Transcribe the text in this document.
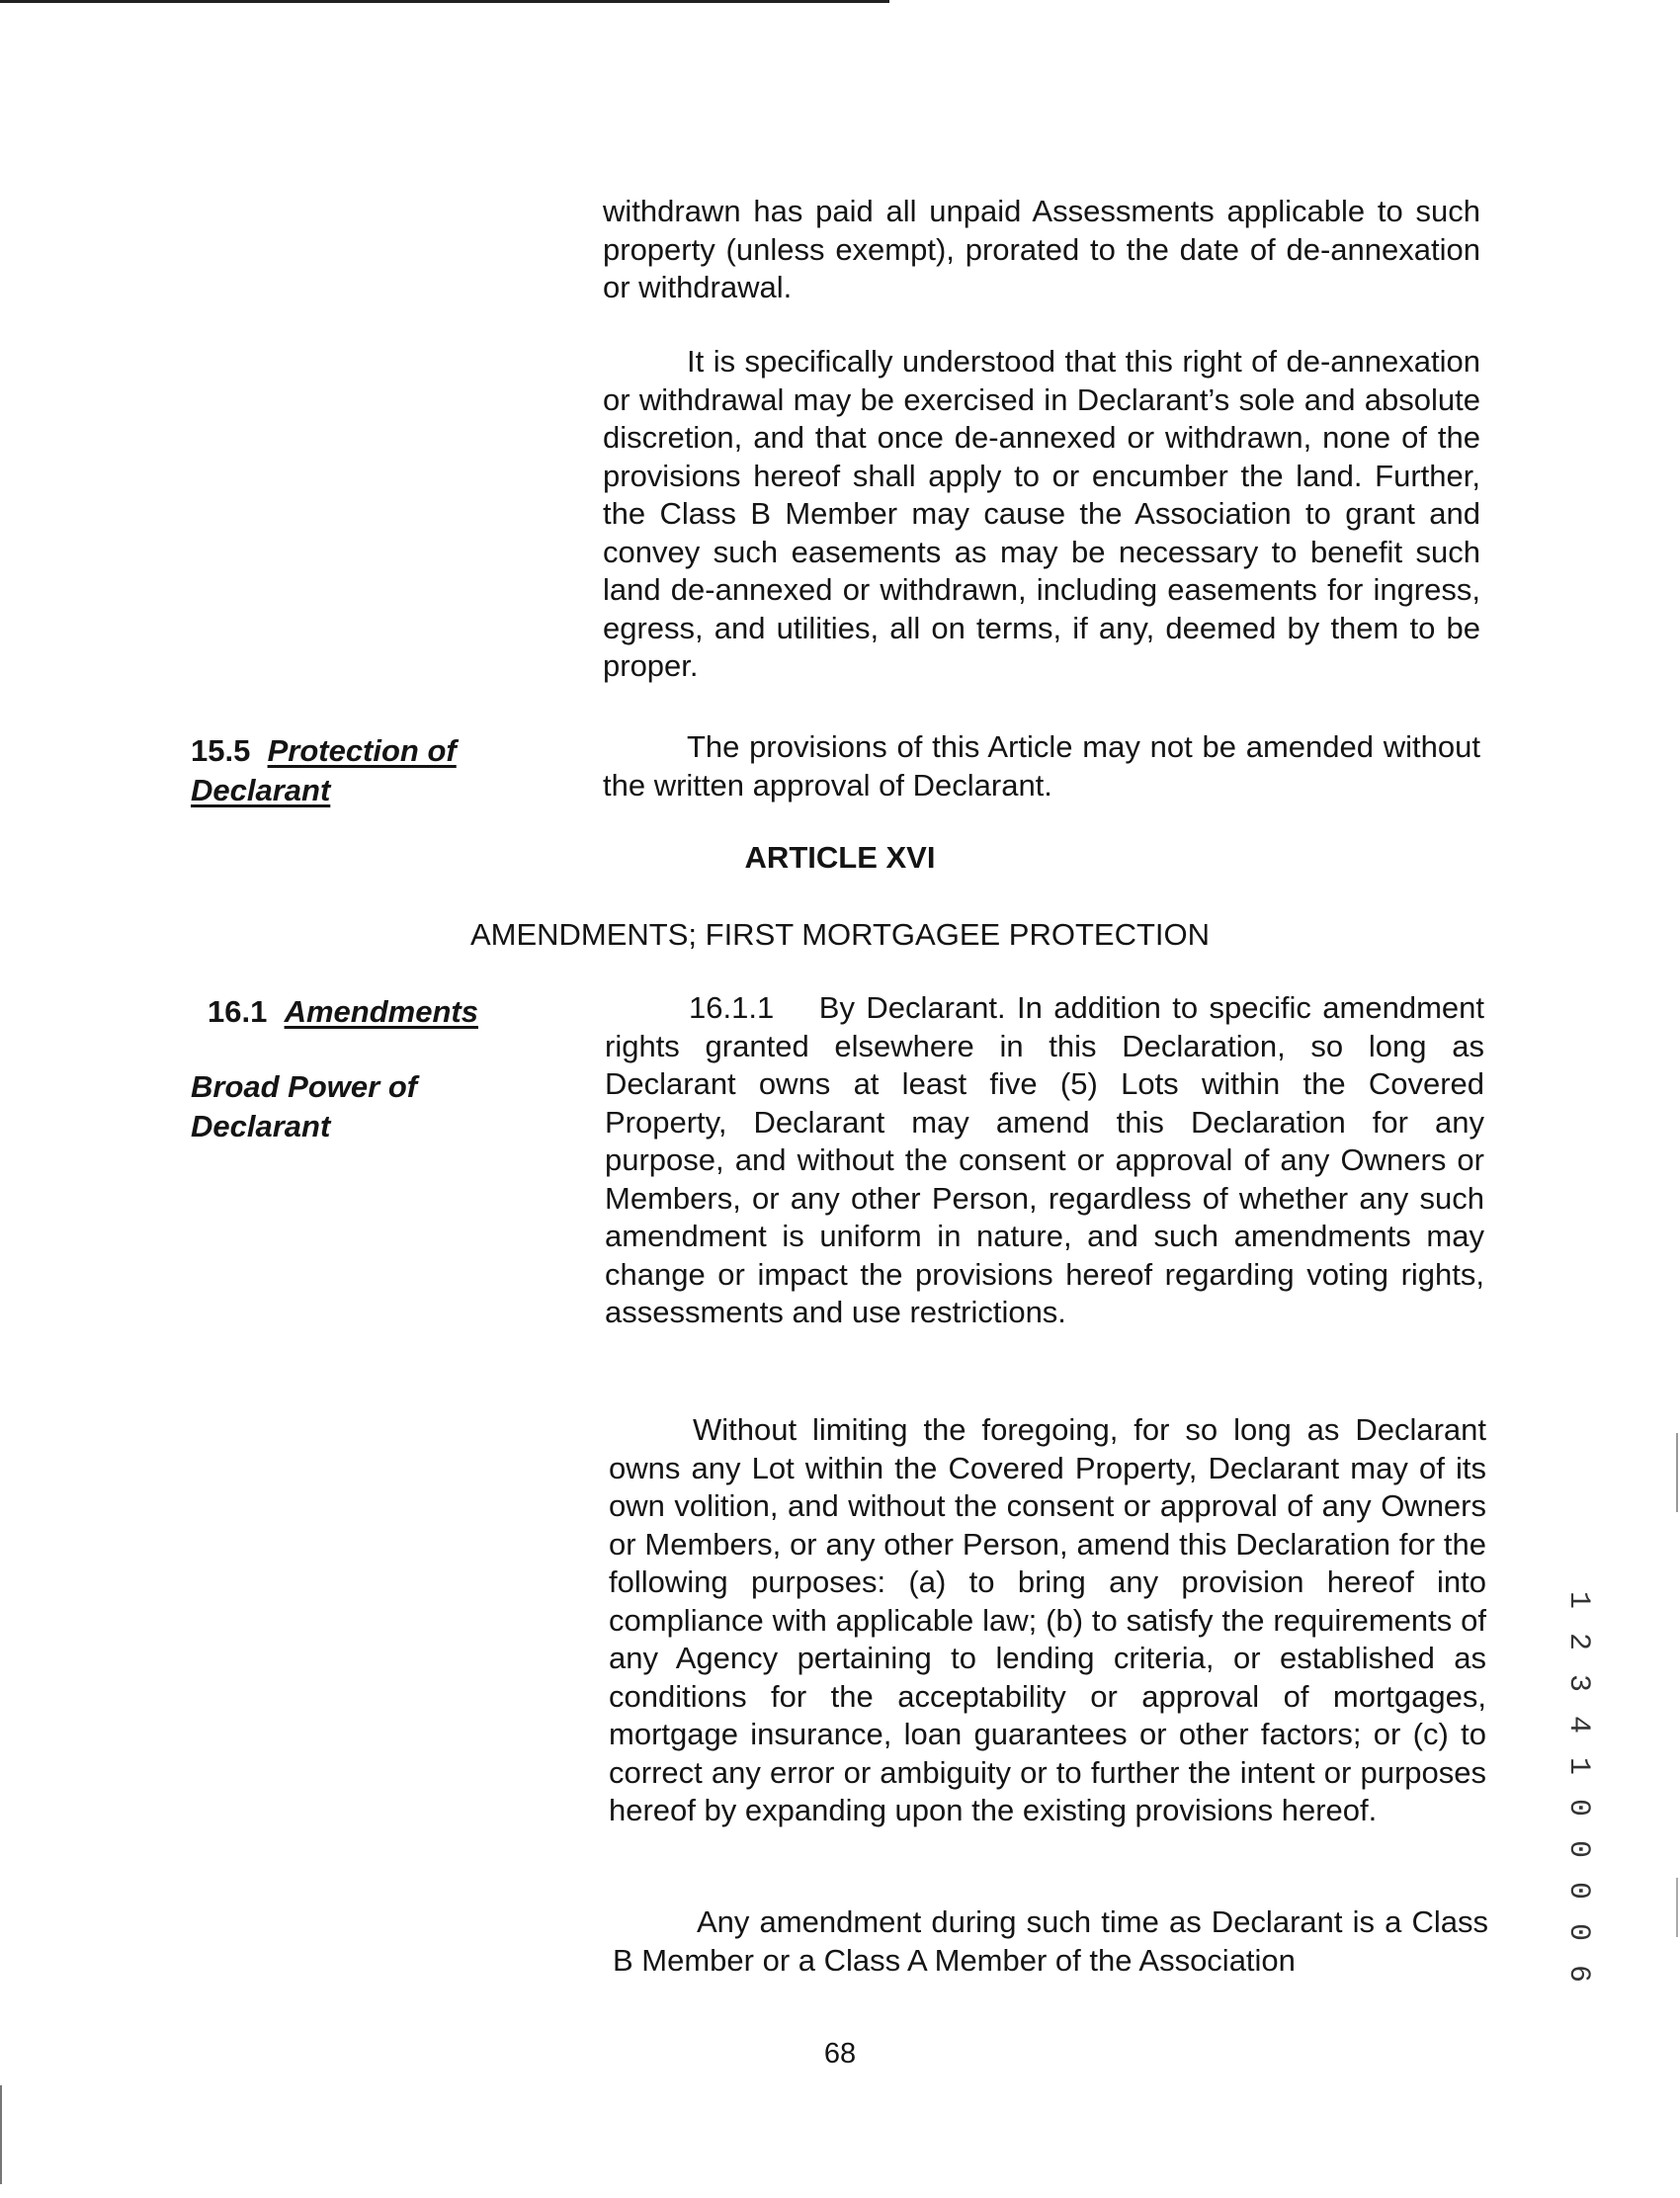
withdrawn has paid all unpaid Assessments applicable to such property (unless exempt), prorated to the date of de-annexation or withdrawal.

It is specifically understood that this right of de-annexation or withdrawal may be exercised in Declarant’s sole and absolute discretion, and that once de-annexed or withdrawn, none of the provisions hereof shall apply to or encumber the land. Further, the Class B Member may cause the Association to grant and convey such easements as may be necessary to benefit such land de-annexed or withdrawn, including easements for ingress, egress, and utilities, all on terms, if any, deemed by them to be proper.

15.5 Protection of
Declarant

The provisions of this Article may not be amended without the written approval of Declarant.

ARTICLE XVI

AMENDMENTS; FIRST MORTGAGEE PROTECTION

16.1 Amendments
Broad Power of
Declarant

16.1.1    By Declarant. In addition to specific amendment rights granted elsewhere in this Declaration, so long as Declarant owns at least five (5) Lots within the Covered Property, Declarant may amend this Declaration for any purpose, and without the consent or approval of any Owners or Members, or any other Person, regardless of whether any such amendment is uniform in nature, and such amendments may change or impact the provisions hereof regarding voting rights, assessments and use restrictions.

Without limiting the foregoing, for so long as Declarant owns any Lot within the Covered Property, Declarant may of its own volition, and without the consent or approval of any Owners or Members, or any other Person, amend this Declaration for the following purposes: (a) to bring any provision hereof into compliance with applicable law; (b) to satisfy the requirements of any Agency pertaining to lending criteria, or established as conditions for the acceptability or approval of mortgages, mortgage insurance, loan guarantees or other factors; or (c) to correct any error or ambiguity or to further the intent or purposes hereof by expanding upon the existing provisions hereof.

Any amendment during such time as Declarant is a Class B Member or a Class A Member of the Association

68
1 2 3 4 1 0 0 0 0 6
